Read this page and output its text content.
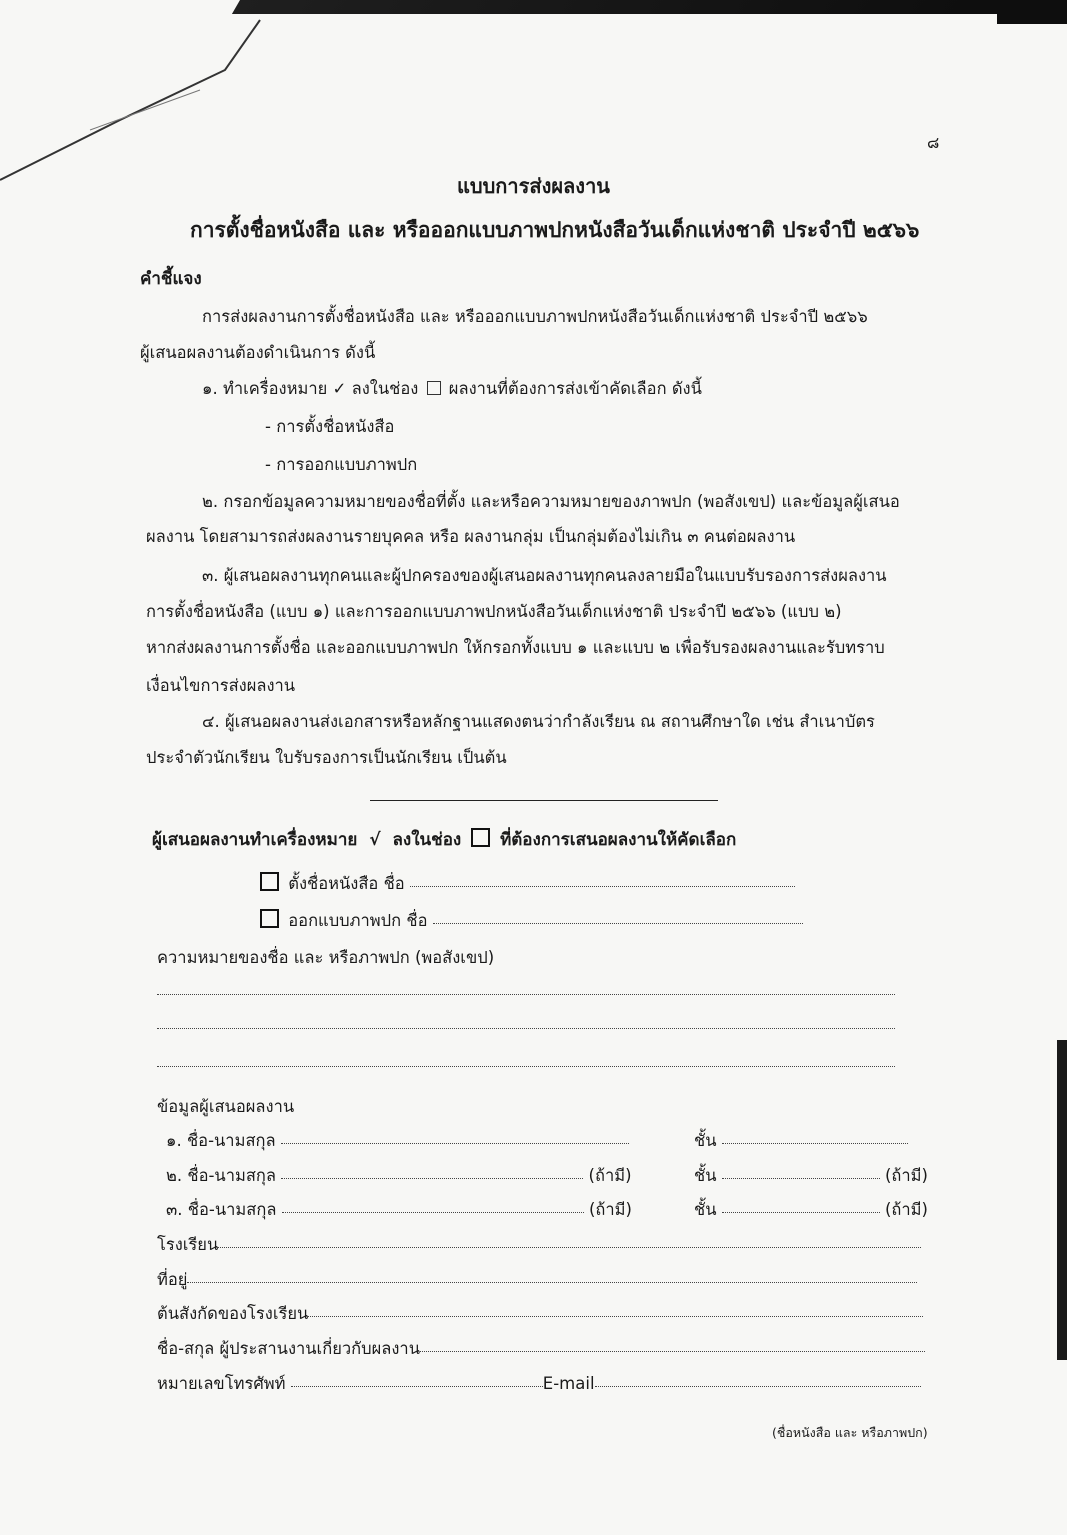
๘
แบบการส่งผลงาน
การตั้งชื่อหนังสือ และ หรือออกแบบภาพปกหนังสือวันเด็กแห่งชาติ ประจำปี ๒๕๖๖
คำชี้แจง
การส่งผลงานการตั้งชื่อหนังสือ และ หรือออกแบบภาพปกหนังสือวันเด็กแห่งชาติ ประจำปี ๒๕๖๖
ผู้เสนอผลงานต้องดำเนินการ ดังนี้
๑. ทำเครื่องหมาย ✓ ลงในช่อง ผลงานที่ต้องการส่งเข้าคัดเลือก ดังนี้
- การตั้งชื่อหนังสือ
- การออกแบบภาพปก
๒. กรอกข้อมูลความหมายของชื่อที่ตั้ง และหรือความหมายของภาพปก (พอสังเขป) และข้อมูลผู้เสนอ
ผลงาน โดยสามารถส่งผลงานรายบุคคล หรือ ผลงานกลุ่ม เป็นกลุ่มต้องไม่เกิน ๓ คนต่อผลงาน
๓. ผู้เสนอผลงานทุกคนและผู้ปกครองของผู้เสนอผลงานทุกคนลงลายมือในแบบรับรองการส่งผลงาน
การตั้งชื่อหนังสือ (แบบ ๑) และการออกแบบภาพปกหนังสือวันเด็กแห่งชาติ ประจำปี ๒๕๖๖ (แบบ ๒)
หากส่งผลงานการตั้งชื่อ และออกแบบภาพปก ให้กรอกทั้งแบบ ๑ และแบบ ๒ เพื่อรับรองผลงานและรับทราบ
เงื่อนไขการส่งผลงาน
๔. ผู้เสนอผลงานส่งเอกสารหรือหลักฐานแสดงตนว่ากำลังเรียน ณ สถานศึกษาใด เช่น สำเนาบัตร
ประจำตัวนักเรียน ใบรับรองการเป็นนักเรียน เป็นต้น
ผู้เสนอผลงานทำเครื่องหมาย √ ลงในช่อง ที่ต้องการเสนอผลงานให้คัดเลือก
ตั้งชื่อหนังสือ ชื่อ
ออกแบบภาพปก ชื่อ
ความหมายของชื่อ และ หรือภาพปก (พอสังเขป)
ข้อมูลผู้เสนอผลงาน
๑. ชื่อ-นามสกุล	ชั้น
๒. ชื่อ-นามสกุล	(ถ้ามี)	ชั้น	(ถ้ามี)
๓. ชื่อ-นามสกุล	(ถ้ามี)	ชั้น	(ถ้ามี)
โรงเรียน
ที่อยู่
ต้นสังกัดของโรงเรียน
ชื่อ-สกุล ผู้ประสานงานเกี่ยวกับผลงาน
หมายเลขโทรศัพท์	E-mail
(ชื่อหนังสือ และ หรือภาพปก)
